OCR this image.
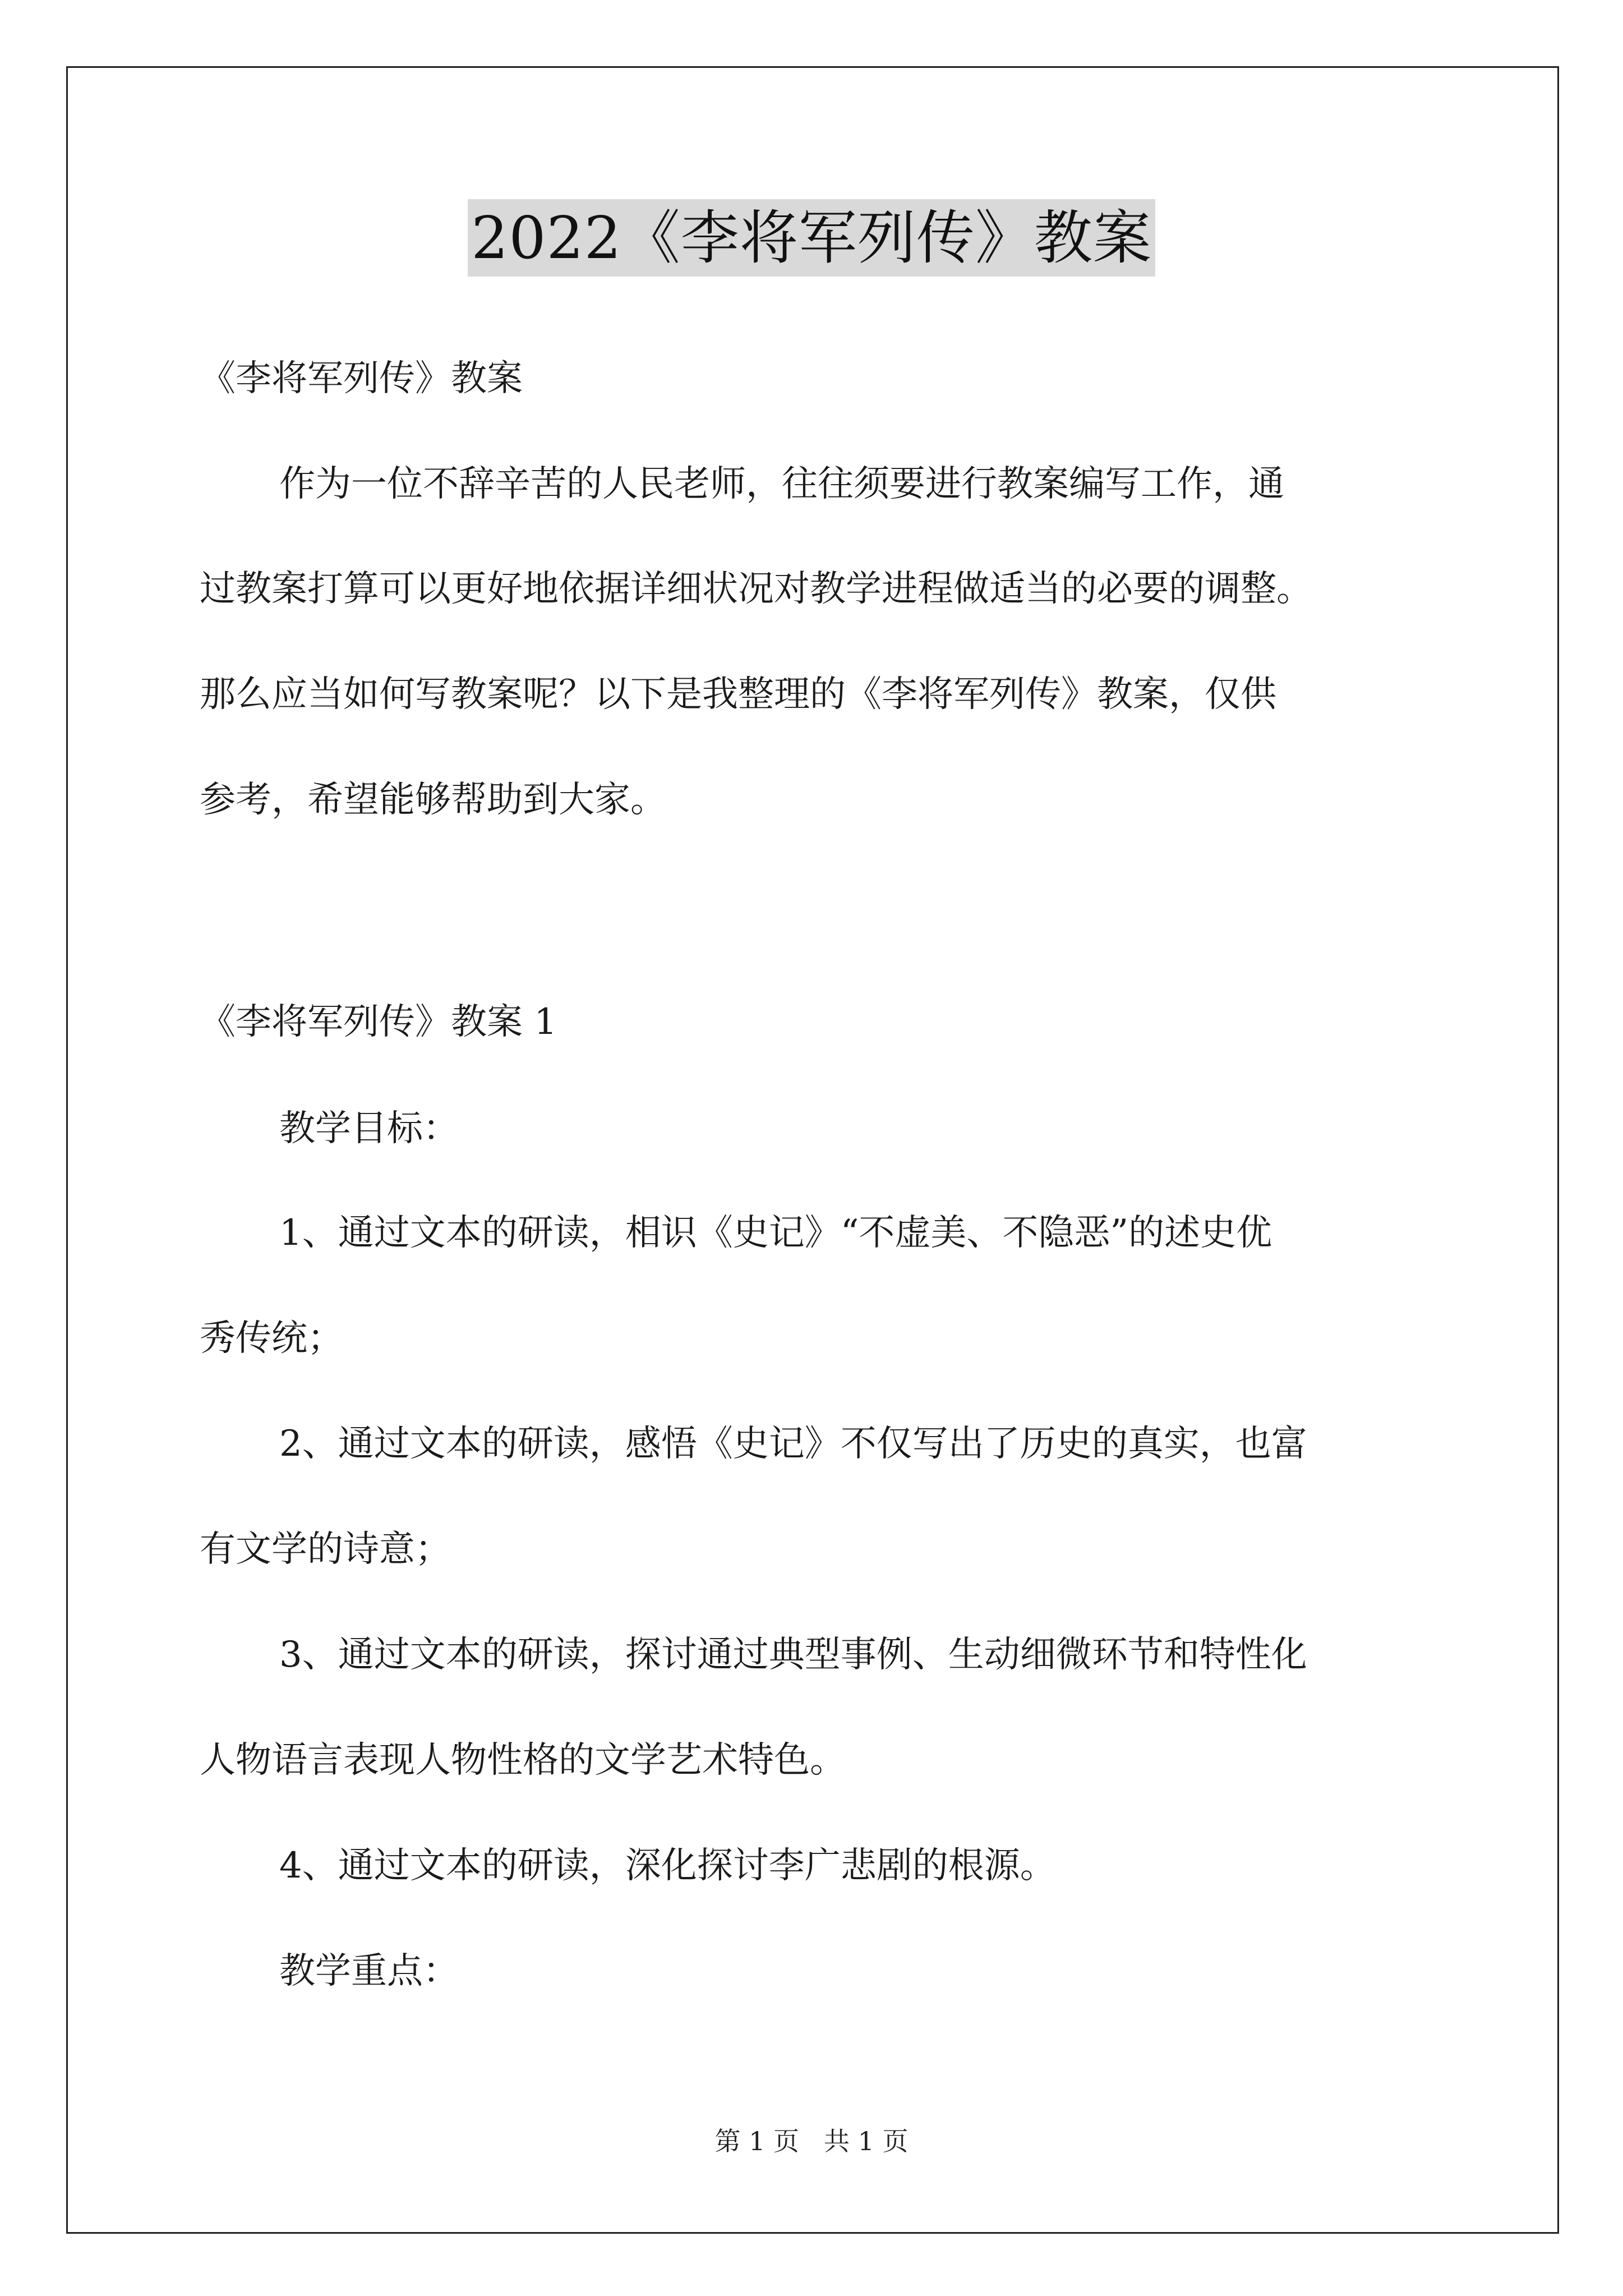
2022《李将军列传》教案
《李将军列传》教案
作为一位不辞辛苦的人民老师，往往须要进行教案编写工作，通
过教案打算可以更好地依据详细状况对教学进程做适当的必要的调整。
那么应当如何写教案呢？以下是我整理的《李将军列传》教案，仅供
参考，希望能够帮助到大家。
《李将军列传》教案 1
教学目标：
1、通过文本的研读，相识《史记》“不虚美、不隐恶”的述史优
秀传统；
2、通过文本的研读，感悟《史记》不仅写出了历史的真实，也富
有文学的诗意；
3、通过文本的研读，探讨通过典型事例、生动细微环节和特性化
人物语言表现人物性格的文学艺术特色。
4、通过文本的研读，深化探讨李广悲剧的根源。
教学重点：
第 1 页 共 1 页
